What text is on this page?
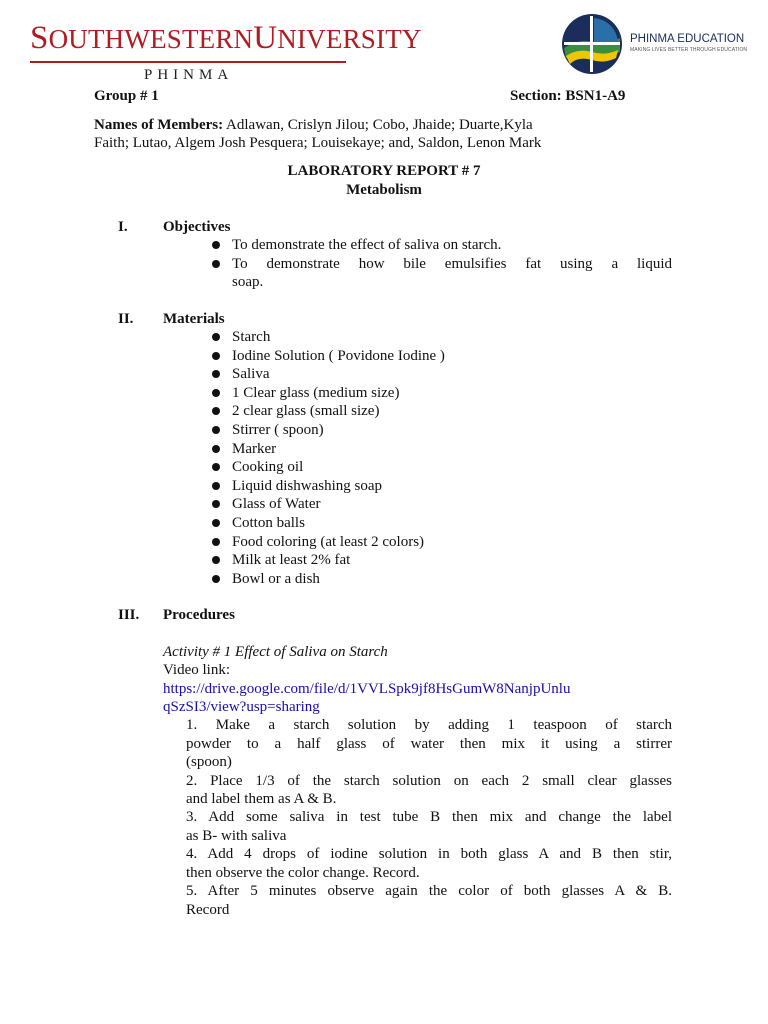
SOUTHWESTERNUNIVERSITY
PHINMA
PHINMA EDUCATION
MAKING LIVES BETTER THROUGH EDUCATION
Group # 1	Section: BSN1-A9
Names of Members: Adlawan, Crislyn Jilou; Cobo, Jhaide; Duarte,Kyla
Faith; Lutao, Algem Josh Pesquera; Louisekaye; and, Saldon, Lenon Mark
LABORATORY REPORT # 7
Metabolism
I. Objectives
To demonstrate the effect of saliva on starch.
To demonstrate how bile emulsifies fat using a liquid
soap.
II. Materials
Starch
Iodine Solution ( Povidone Iodine )
Saliva
1 Clear glass (medium size)
2 clear glass (small size)
Stirrer ( spoon)
Marker
Cooking oil
Liquid dishwashing soap
Glass of Water
Cotton balls
Food coloring (at least 2 colors)
Milk at least 2% fat
Bowl or a dish
III. Procedures
Activity # 1 Effect of Saliva on Starch
Video link:
https://drive.google.com/file/d/1VVLSpk9jf8HsGumW8NanjpUnlu
qSzSI3/view?usp=sharing
1. Make a starch solution by adding 1 teaspoon of starch
powder to a half glass of water then mix it using a stirrer
(spoon)
2. Place 1/3 of the starch solution on each 2 small clear glasses
and label them as A & B.
3. Add some saliva in test tube B then mix and change the label
as B- with saliva
4. Add 4 drops of iodine solution in both glass A and B then stir,
then observe the color change. Record.
5. After 5 minutes observe again the color of both glasses A & B.
Record
